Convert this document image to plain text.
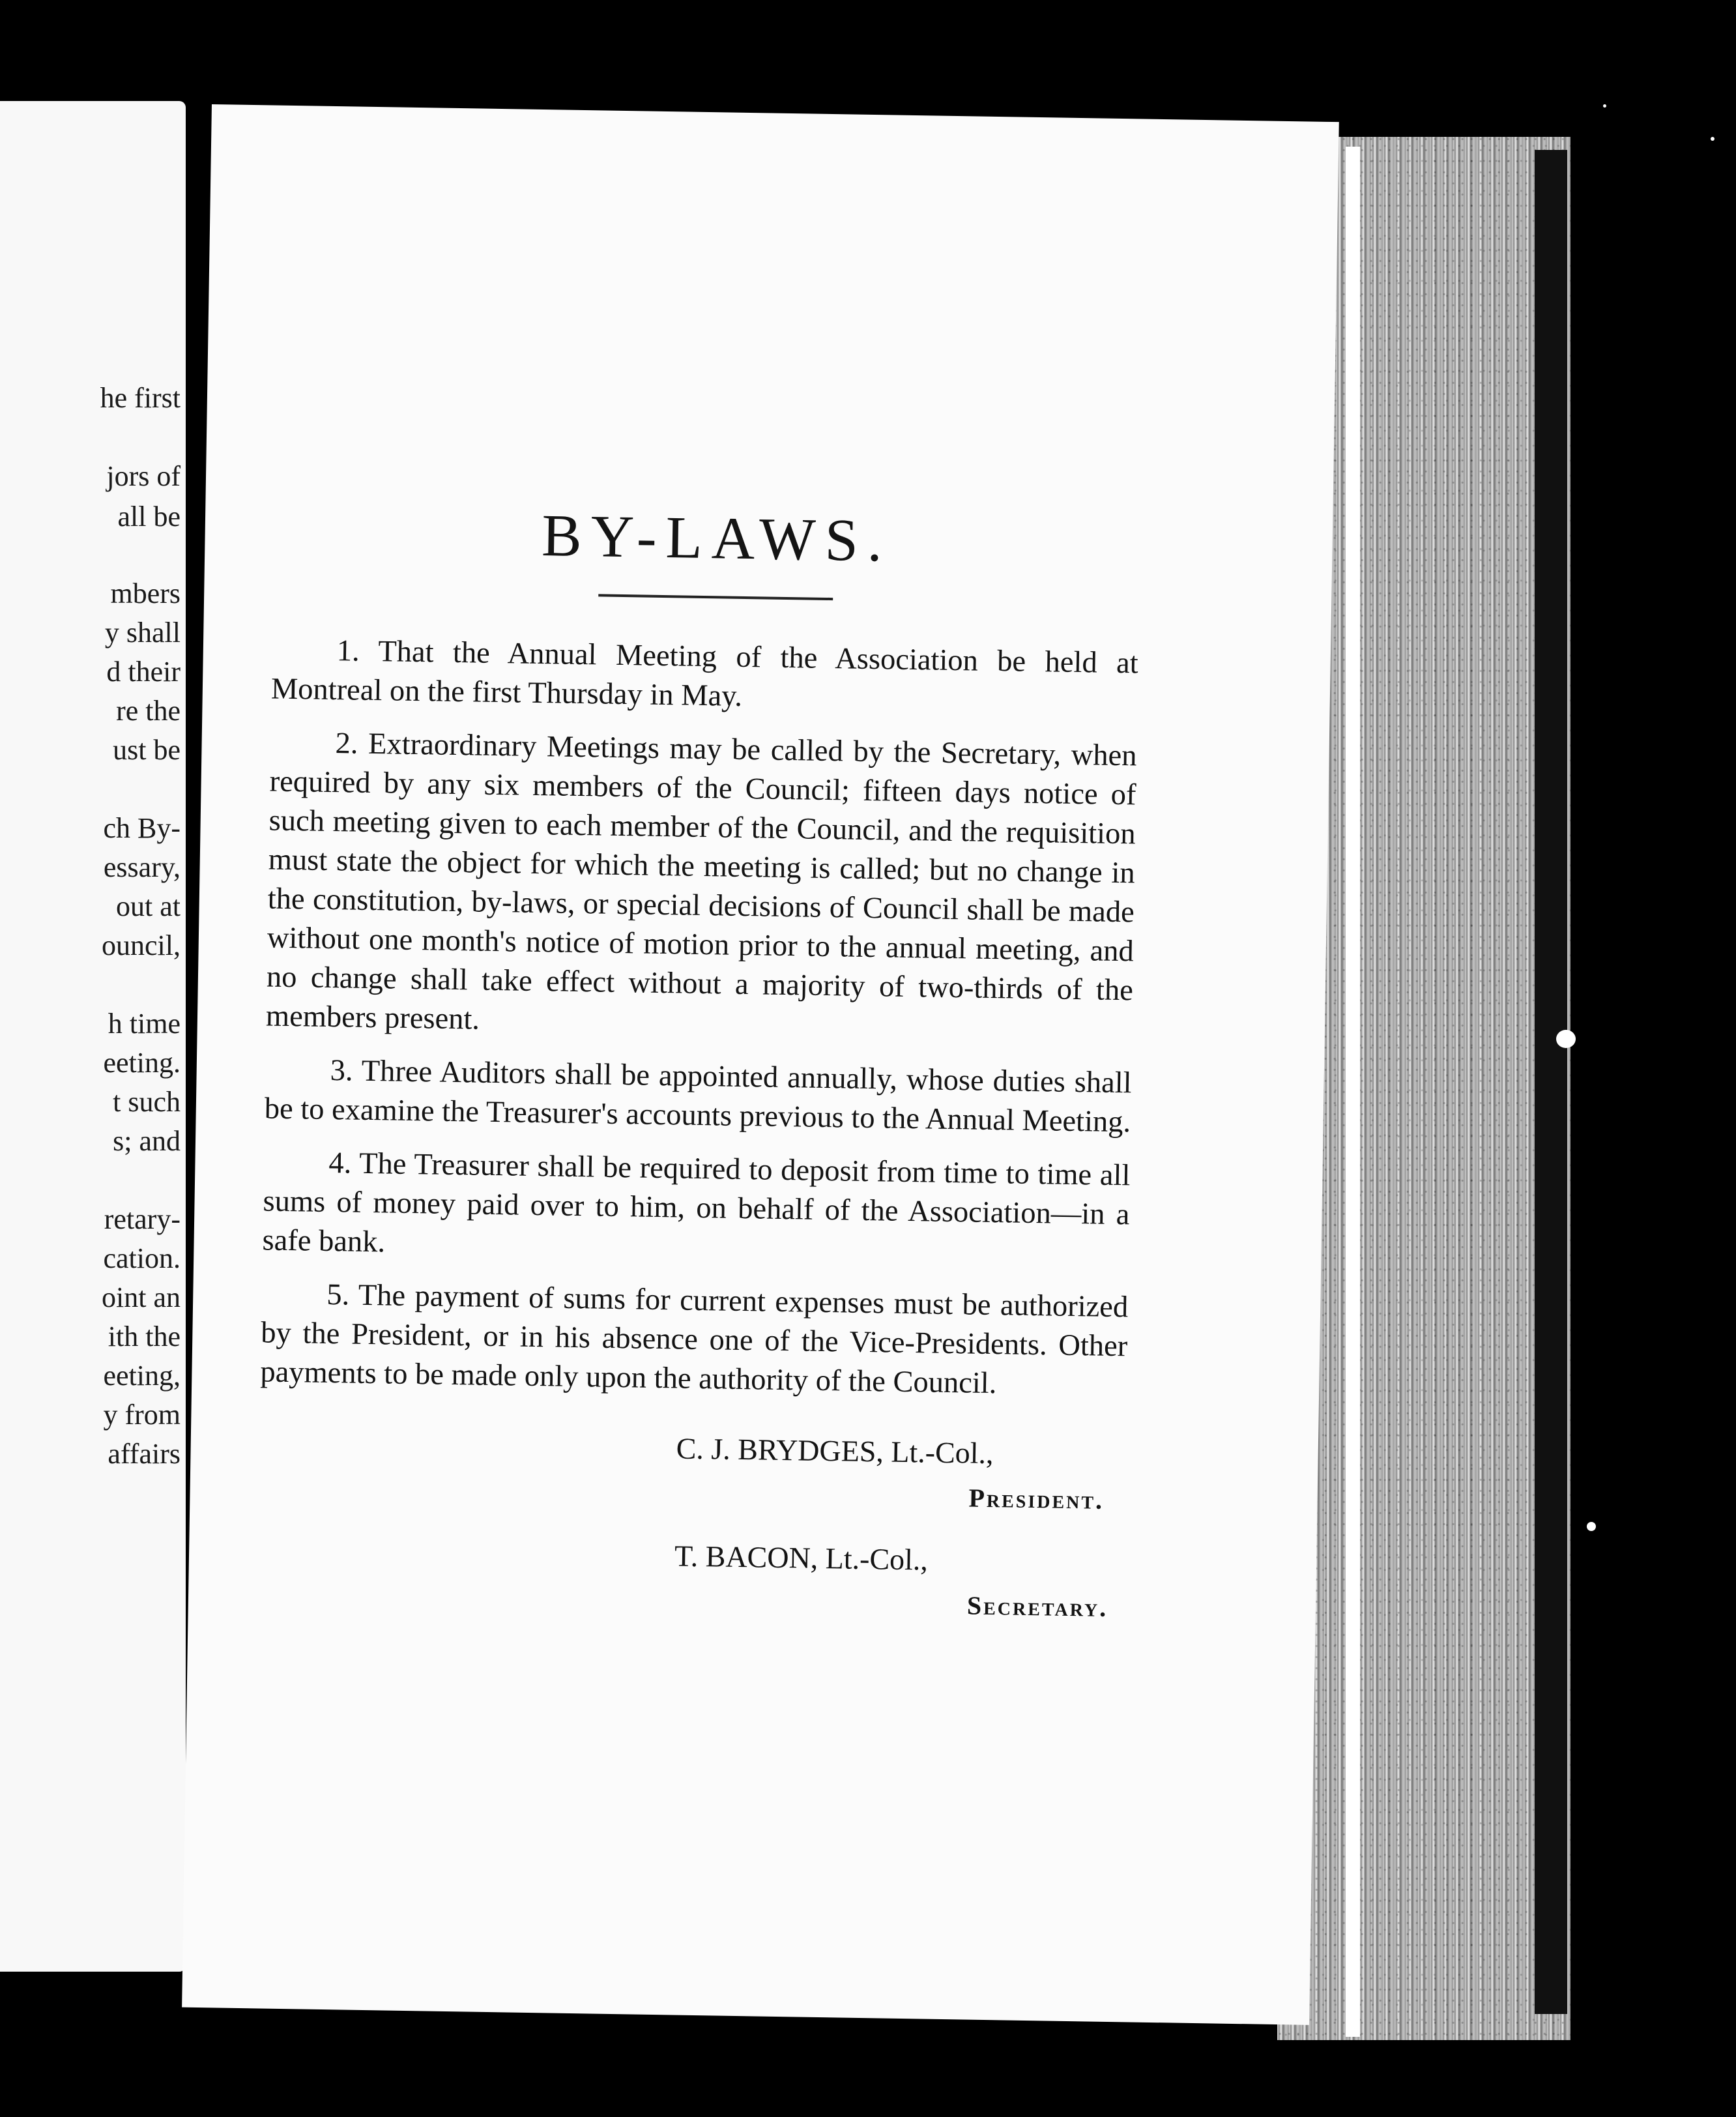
he first
jors of
all be
mbers
y shall
d their
re the
ust be
ch By-
essary,
out at
ouncil,
h time
eeting.
t such
s; and
retary-
cation.
oint an
ith the
eeting,
y from
affairs
BY-LAWS.

1. That the Annual Meeting of the Association be held at Montreal on the first Thursday in May.

2. Extraordinary Meetings may be called by the Secretary, when required by any six members of the Council; fifteen days notice of such meeting given to each member of the Council, and the requisition must state the object for which the meeting is called; but no change in the constitution, by-laws, or special decisions of Council shall be made without one month's notice of motion prior to the annual meeting, and no change shall take effect without a majority of two-thirds of the members present.

3. Three Auditors shall be appointed annually, whose duties shall be to examine the Treasurer's accounts previous to the Annual Meeting.

4. The Treasurer shall be required to deposit from time to time all sums of money paid over to him, on behalf of the Association—in a safe bank.

5. The payment of sums for current expenses must be authorized by the President, or in his absence one of the Vice-Presidents. Other payments to be made only upon the authority of the Council.

C. J. BRYDGES, Lt.-Col.,
President.
T. BACON, Lt.-Col.,
Secretary.
